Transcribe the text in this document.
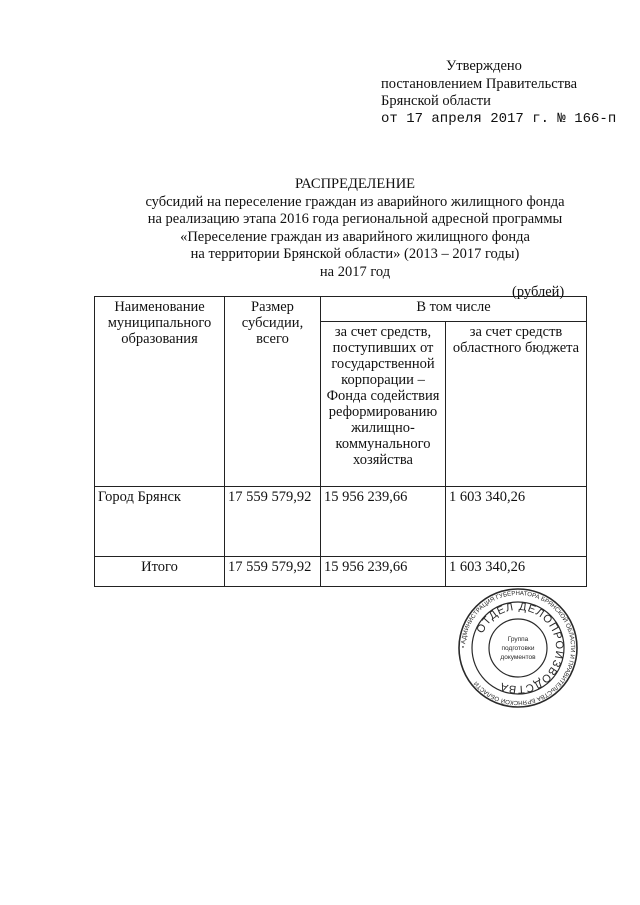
Утверждено
постановлением Правительства
Брянской области
от 17 апреля 2017 г. № 166-п
РАСПРЕДЕЛЕНИЕ
субсидий на переселение граждан из аварийного жилищного фонда
на реализацию этапа 2016 года региональной адресной программы
«Переселение граждан из аварийного жилищного фонда
на территории Брянской области» (2013 – 2017 годы)
на 2017 год
(рублей)
Наименование муниципального образования	Размер субсидии, всего	В том числе	
		за счет средств, поступивших от государственной корпорации – Фонда содействия реформированию жилищно-коммунального хозяйства	за счет средств областного бюджета
Город Брянск	17 559 579,92	15 956 239,66	1 603 340,26
Итого	17 559 579,92	15 956 239,66	1 603 340,26
• АДМИНИСТРАЦИЯ ГУБЕРНАТОРА БРЯНСКОЙ ОБЛАСТИ И ПРАВИТЕЛЬСТВА БРЯНСКОЙ ОБЛАСТИ
ОТДЕЛ ДЕЛОПРОИЗВОДСТВА
Группа
подготовки
документов
